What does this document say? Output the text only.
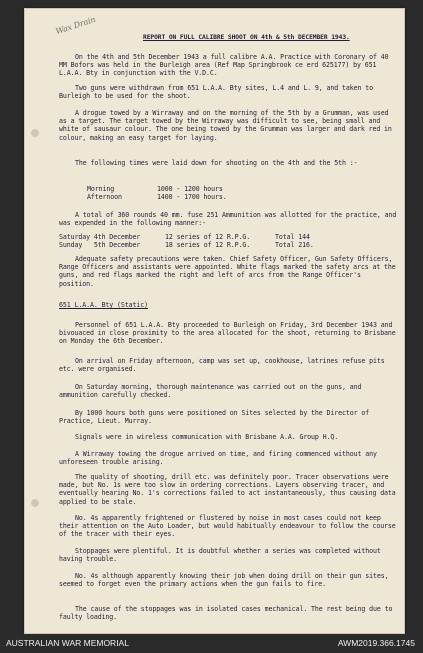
Wax Drain
REPORT ON FULL CALIBRE SHOOT ON 4th & 5th DECEMBER 1943.

On the 4th and 5th December 1943 a full calibre A.A. Practice with Coronary of 40 MM Bofors was held in the Burleigh area (Ref Map Springbrook ce erd 625177) by 651 L.A.A. Bty in conjunction with the V.D.C.

Two guns were withdrawn from 651 L.A.A. Bty sites, L.4 and L. 9, and taken to Burleigh to be used for the shoot.

A drogue towed by a Wirraway and on the morning of the 5th by a Grumman, was used as a target. The target towed by the Wirraway was difficult to see, being small and white of sausaur colour. The one being towed by the Grumman was larger and dark red in colour, making an easy target for laying.

The following times were laid down for shooting on the 4th and the 5th :-

Morning	1000 - 1200 hours
Afternoon	1400 - 1700 hours.

A total of 360 rounds 40 mm. fuse 251 Ammunition was allotted for the practice, and was expended in the following manner:-

Saturday 4th December	12 series of 12 R.P.G.	Total 144
Sunday   5th December	18 series of 12 R.P.G.	Total 216.

Adequate safety precautions were taken. Chief Safety Officer, Gun Safety Officers, Range Officers and assistants were appointed. White flags marked the safety arcs at the guns, and red flags marked the right and left of arcs from the Range Officer's position.

651 L.A.A. Bty (Static)

Personnel of 651 L.A.A. Bty proceeded to Burleigh on Friday, 3rd December 1943 and bivouaced in close proximity to the area allocated for the shoot, returning to Brisbane on Monday the 6th December.

On arrival on Friday afternoon, camp was set up, cookhouse, latrines refuse pits etc. were organised.

On Saturday morning, thorough maintenance was carried out on the guns, and ammunition carefully checked.

By 1000 hours both guns were positioned on Sites selected by the Director of Practice, Lieut. Murray.

Signals were in wireless communication with Brisbane A.A. Group H.Q.

A Wirraway towing the drogue arrived on time, and firing commenced without any unforeseen trouble arising.

The quality of shooting, drill etc. was definitely poor. Tracer observations were made, but No. 1s were too slow in ordering corrections. Layers observing tracer, and eventually hearing No. 1's corrections failed to act instantaneously, thus causing data applied to be stale.

No. 4s apparently frightened or flustered by noise in most cases could not keep their attention on the Auto Loader, but would habitually endeavour to follow the course of the tracer with their eyes.

Stoppages were plentiful. It is doubtful whether a series was completed without having trouble.

No. 4s although apparently knowing their job when doing drill on their gun sites, seemed to forget even the primary actions when the gun fails to fire.

The cause of the stoppages was in isolated cases mechanical. The rest being due to faulty loading.

AUSTRALIAN WAR MEMORIAL	AWM2019.366.1745
